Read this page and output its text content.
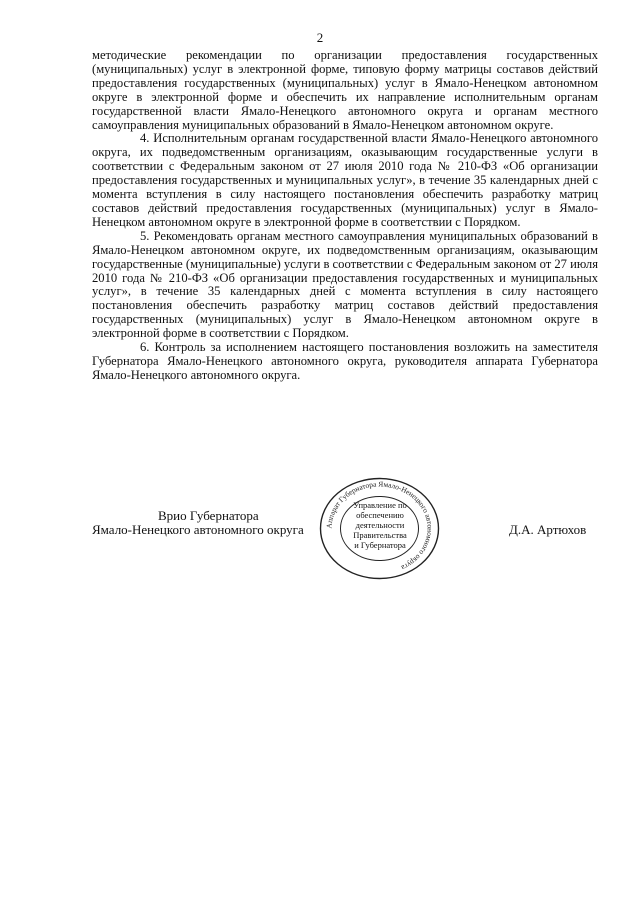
2

методические рекомендации по организации предоставления государственных (муниципальных) услуг в электронной форме, типовую форму матрицы составов действий предоставления государственных (муниципальных) услуг в Ямало-Ненецком автономном округе в электронной форме и обеспечить их направление исполнительным органам государственной власти Ямало-Ненецкого автономного округа и органам местного самоуправления муниципальных образований в Ямало-Ненецком автономном округе.

4. Исполнительным органам государственной власти Ямало-Ненецкого автономного округа, их подведомственным организациям, оказывающим государственные услуги в соответствии с Федеральным законом от 27 июля 2010 года № 210-ФЗ «Об организации предоставления государственных и муниципальных услуг», в течение 35 календарных дней с момента вступления в силу настоящего постановления обеспечить разработку матриц составов действий предоставления государственных (муниципальных) услуг в Ямало-Ненецком автономном округе в электронной форме в соответствии с Порядком.

5. Рекомендовать органам местного самоуправления муниципальных образований в Ямало-Ненецком автономном округе, их подведомственным организациям, оказывающим государственные (муниципальные) услуги в соответствии с Федеральным законом от 27 июля 2010 года № 210-ФЗ «Об организации предоставления государственных и муниципальных услуг», в течение 35 календарных дней с момента вступления в силу настоящего постановления обеспечить разработку матриц составов действий предоставления государственных (муниципальных) услуг в Ямало-Ненецком автономном округе в электронной форме в соответствии с Порядком.

6. Контроль за исполнением настоящего постановления возложить на заместителя Губернатора Ямало-Ненецкого автономного округа, руководителя аппарата Губернатора Ямало-Ненецкого автономного округа.

Врио Губернатора
Ямало-Ненецкого автономного округа	Аппарат Губернатора Ямало-Ненецкого автономного округа
Управление по обеспечению деятельности Правительства и Губернатора
Д.А. Артюхов
